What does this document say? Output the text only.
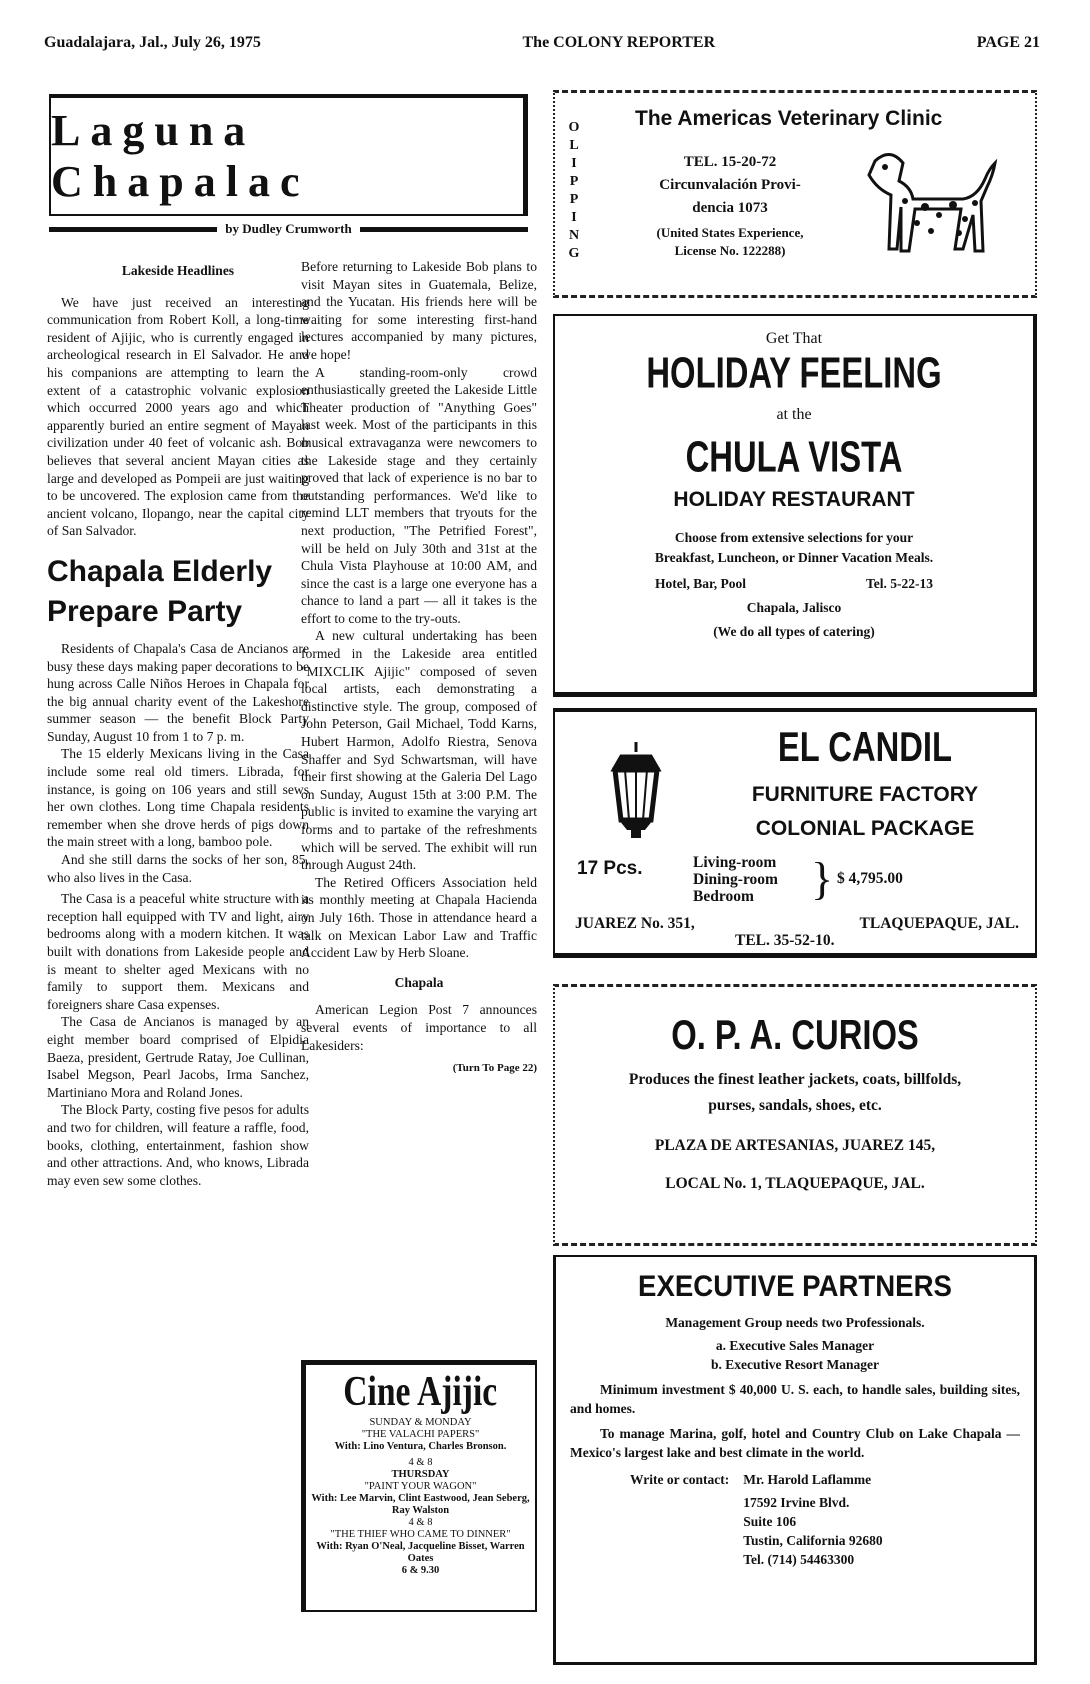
Guadalajara, Jal., July 26, 1975	The COLONY REPORTER	PAGE 21
Laguna Chapalac
by Dudley Crumworth
Lakeside Headlines

We have just received an interesting communication from Robert Koll, a long-time resident of Ajijic, who is currently engaged in archeological research in El Salvador. He and his companions are attempting to learn the extent of a catastrophic volvanic explosion which occurred 2000 years ago and which apparently buried an entire segment of Mayan civilization under 40 feet of volcanic ash. Bob believes that several ancient Mayan cities as large and developed as Pompeii are just waiting to be uncovered. The explosion came from the ancient volcano, Ilopango, near the capital city of San Salvador.

Chapala Elderly Prepare Party

Residents of Chapala's Casa de Ancianos are busy these days making paper decorations to be hung across Calle Niños Heroes in Chapala for the big annual charity event of the Lakeshore summer season — the benefit Block Party Sunday, August 10 from 1 to 7 p. m.

The 15 elderly Mexicans living in the Casa include some real old timers. Librada, for instance, is going on 106 years and still sews her own clothes. Long time Chapala residents remember when she drove herds of pigs down the main street with a long, bamboo pole.

And she still darns the socks of her son, 85, who also lives in the Casa.

The Casa is a peaceful white structure with a reception hall equipped with TV and light, airy bedrooms along with a modern kitchen. It was built with donations from Lakeside people and is meant to shelter aged Mexicans with no family to support them. Mexicans and foreigners share Casa expenses.

The Casa de Ancianos is managed by an eight member board comprised of Elpidia Baeza, president, Gertrude Ratay, Joe Cullinan, Isabel Megson, Pearl Jacobs, Irma Sanchez, Martiniano Mora and Roland Jones.

The Block Party, costing five pesos for adults and two for children, will feature a raffle, food, books, clothing, entertainment, fashion show and other attractions. And, who knows, Librada may even sew some clothes.

Before returning to Lakeside Bob plans to visit Mayan sites in Guatemala, Belize, and the Yucatan. His friends here will be waiting for some interesting first-hand lectures accompanied by many pictures, we hope!

A standing-room-only crowd enthusiastically greeted the Lakeside Little Theater production of "Anything Goes" last week. Most of the participants in this musical extravaganza were newcomers to the Lakeside stage and they certainly proved that lack of experience is no bar to outstanding performances. We'd like to remind LLT members that tryouts for the next production, "The Petrified Forest", will be held on July 30th and 31st at the Chula Vista Playhouse at 10:00 AM, and since the cast is a large one everyone has a chance to land a part — all it takes is the effort to come to the try-outs.

A new cultural undertaking has been formed in the Lakeside area entitled "MIXCLIK Ajijic" composed of seven local artists, each demonstrating a distinctive style. The group, composed of John Peterson, Gail Michael, Todd Karns, Hubert Harmon, Adolfo Riestra, Senova Shaffer and Syd Schwartsman, will have their first showing at the Galeria Del Lago on Sunday, August 15th at 3:00 P.M. The public is invited to examine the varying art forms and to partake of the refreshments which will be served. The exhibit will run through August 24th.

The Retired Officers Association held its monthly meeting at Chapala Hacienda on July 16th. Those in attendance heard a talk on Mexican Labor Law and Traffic Accident Law by Herb Sloane.

Chapala

American Legion Post 7 announces several events of importance to all Lakesiders:

(Turn To Page 22)
Cine Ajijic
SUNDAY & MONDAY
"THE VALACHI PAPERS"
With: Lino Ventura, Charles Bronson.
4 & 8
THURSDAY
"PAINT YOUR WAGON"
With: Lee Marvin, Clint Eastwood, Jean Seberg, Ray Walston
4 & 8
"THE THIEF WHO CAME TO DINNER"
With: Ryan O'Neal, Jacqueline Bisset, Warren Oates
6 & 9.30
O
L
I
P
P
I
N
G
The Americas Veterinary Clinic
TEL. 15-20-72
Circunvalación Provi-
dencia 1073
(United States Experience,
License No. 122288)
Get That
HOLIDAY FEELING
at the
CHULA VISTA
HOLIDAY RESTAURANT
Choose from extensive selections for your
Breakfast, Luncheon, or Dinner Vacation Meals.
Hotel, Bar, Pool	Tel. 5-22-13
Chapala, Jalisco
(We do all types of catering)
EL CANDIL
FURNITURE FACTORY
COLONIAL PACKAGE
17 Pcs.	Living-room
Dining-room
Bedroom	} $ 4,795.00
JUAREZ No. 351,	TLAQUEPAQUE, JAL.
TEL. 35-52-10.
O. P. A. CURIOS
Produces the finest leather jackets, coats, billfolds,
purses, sandals, shoes, etc.
PLAZA DE ARTESANIAS, JUAREZ 145,
LOCAL No. 1, TLAQUEPAQUE, JAL.
EXECUTIVE PARTNERS
Management Group needs two Professionals.
a. Executive Sales Manager
b. Executive Resort Manager
Minimum investment $ 40,000 U. S. each, to handle sales, building sites, and homes.
To manage Marina, golf, hotel and Country Club on Lake Chapala — Mexico's largest lake and best climate in the world.
Write or contact: Mr. Harold Laflamme
17592 Irvine Blvd.
Suite 106
Tustin, California 92680
Tel. (714) 54463300
